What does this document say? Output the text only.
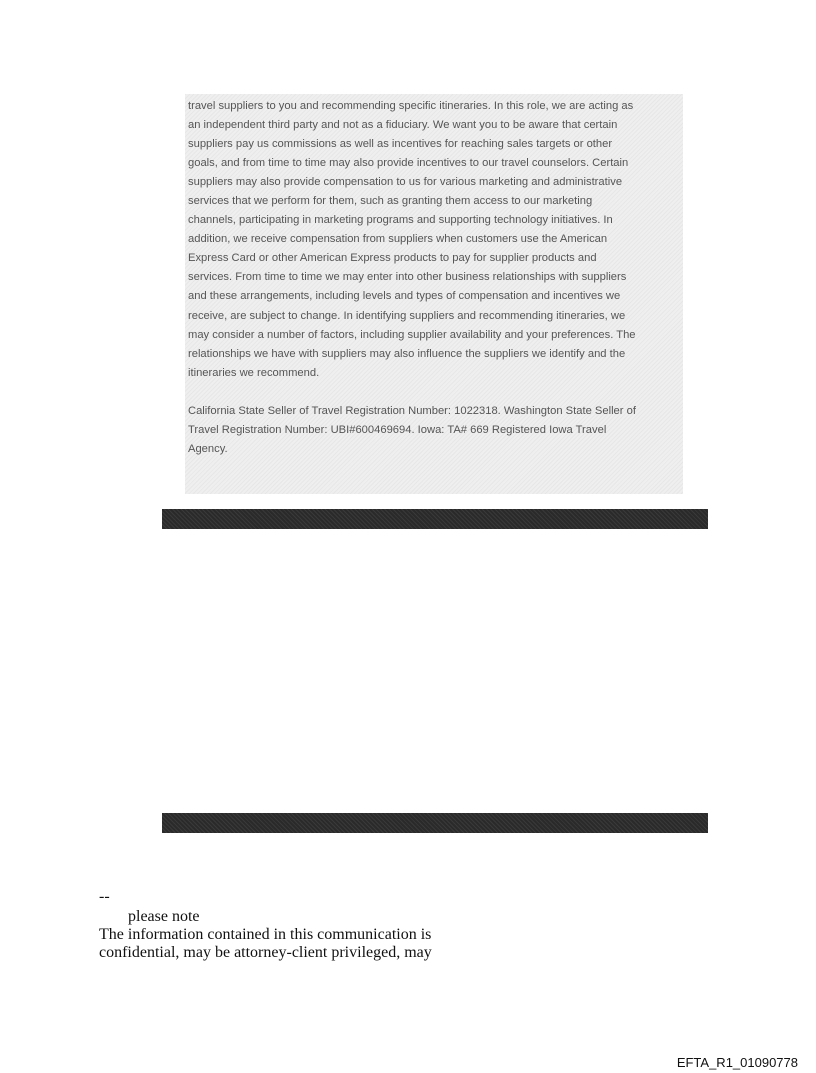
travel suppliers to you and recommending specific itineraries. In this role, we are acting as
an independent third party and not as a fiduciary. We want you to be aware that certain
suppliers pay us commissions as well as incentives for reaching sales targets or other
goals, and from time to time may also provide incentives to our travel counselors. Certain
suppliers may also provide compensation to us for various marketing and administrative
services that we perform for them, such as granting them access to our marketing
channels, participating in marketing programs and supporting technology initiatives. In
addition, we receive compensation from suppliers when customers use the American
Express Card or other American Express products to pay for supplier products and
services. From time to time we may enter into other business relationships with suppliers
and these arrangements, including levels and types of compensation and incentives we
receive, are subject to change. In identifying suppliers and recommending itineraries, we
may consider a number of factors, including supplier availability and your preferences. The
relationships we have with suppliers may also influence the suppliers we identify and the
itineraries we recommend.

California State Seller of Travel Registration Number: 1022318. Washington State Seller of
Travel Registration Number: UBI#600469694. Iowa: TA# 669 Registered Iowa Travel
Agency.

--
please note
The information contained in this communication is
confidential, may be attorney-client privileged, may
EFTA_R1_01090778
